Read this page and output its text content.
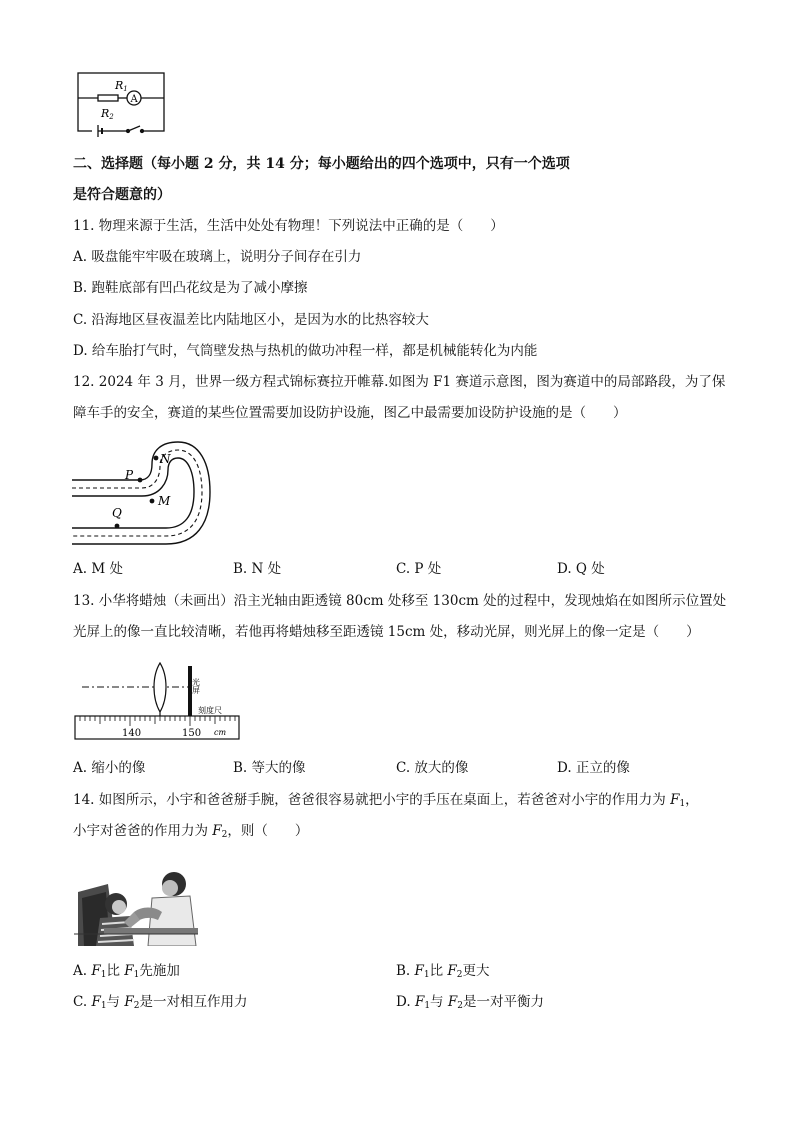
R1
R2
A
二、选择题（每小题 2 分，共 14 分；每小题给出的四个选项中，只有一个选项
是符合题意的）
11. 物理来源于生活，生活中处处有物理！下列说法中正确的是（　　）
A. 吸盘能牢牢吸在玻璃上，说明分子间存在引力
B. 跑鞋底部有凹凸花纹是为了减小摩擦
C. 沿海地区昼夜温差比内陆地区小，是因为水的比热容较大
D. 给车胎打气时，气筒壁发热与热机的做功冲程一样，都是机械能转化为内能
12. 2024 年 3 月，世界一级方程式锦标赛拉开帷幕.如图为 F1 赛道示意图，图为赛道中的局部路段，为了保
障车手的安全，赛道的某些位置需要加设防护设施，图乙中最需要加设防护设施的是（　　）
P
N
M
Q
A. M 处	B. N 处	C. P 处	D. Q 处
13. 小华将蜡烛（未画出）沿主光轴由距透镜 80cm 处移至 130cm 处的过程中，发现烛焰在如图所示位置处
光屏上的像一直比较清晰，若他再将蜡烛移至距透镜 15cm 处，移动光屏，则光屏上的像一定是（　　）
光屏
刻度尺
140	150 cm
A. 缩小的像	B. 等大的像	C. 放大的像	D. 正立的像
14. 如图所示，小宇和爸爸掰手腕，爸爸很容易就把小宇的手压在桌面上，若爸爸对小宇的作用力为 $F_1$，
小宇对爸爸的作用力为 $F_2$，则（　　）
A. $F_1$比 $F_1$先施加	B. $F_1$比 $F_2$更大
C. $F_1$与 $F_2$是一对相互作用力	D. $F_1$与 $F_2$是一对平衡力
